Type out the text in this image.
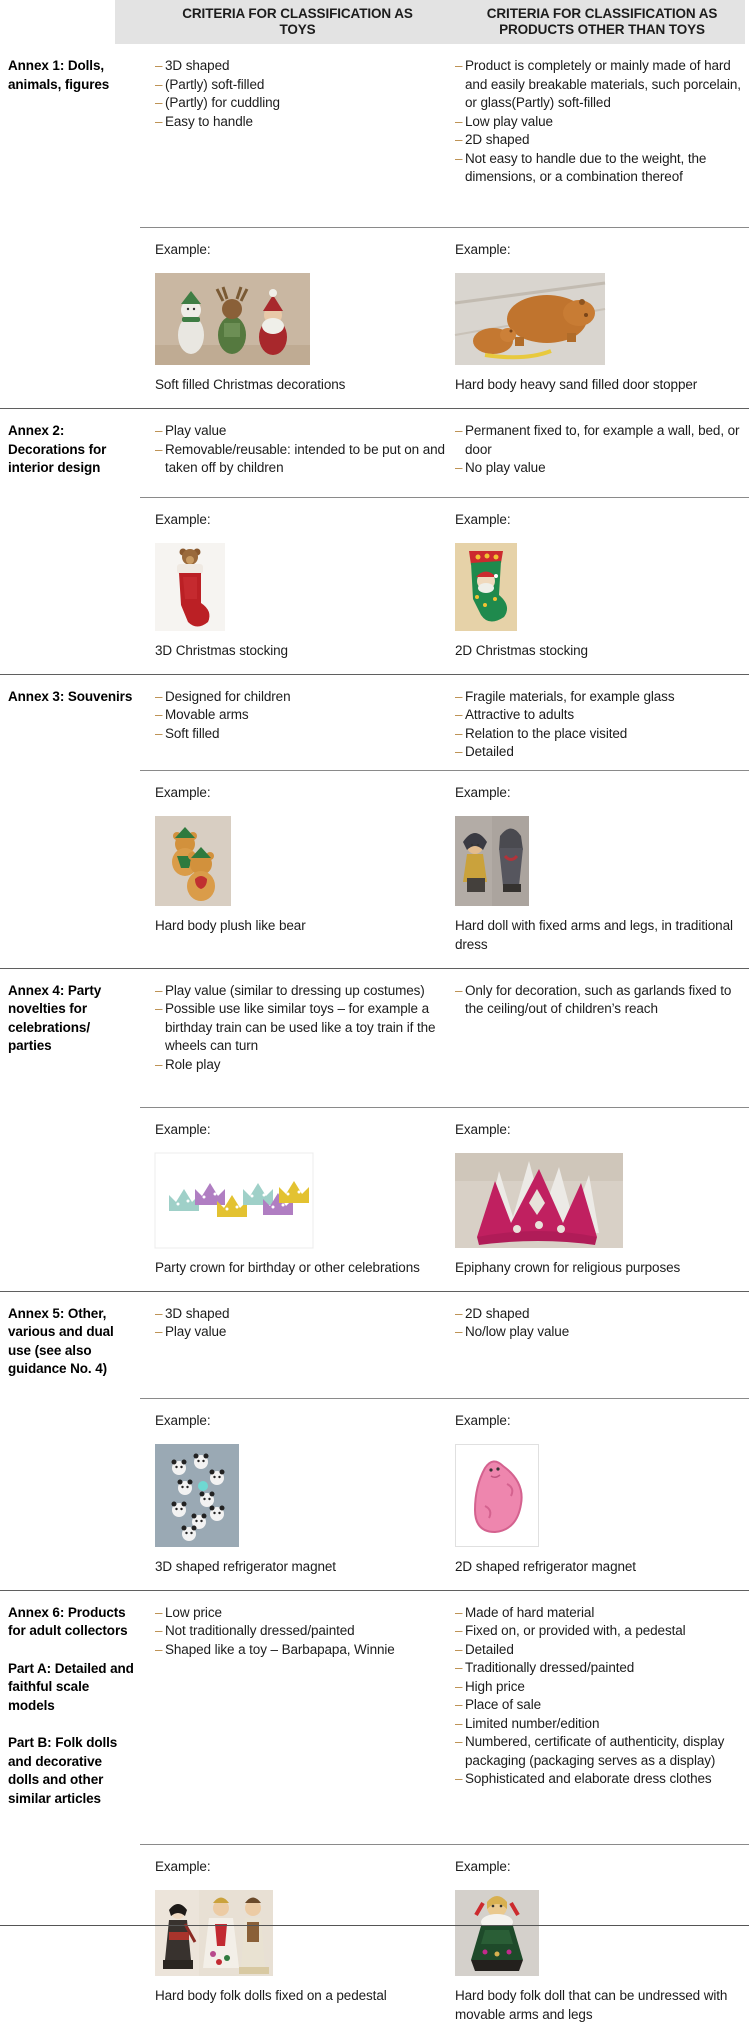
CRITERIA FOR CLASSIFICATION AS TOYS
CRITERIA FOR CLASSIFICATION AS PRODUCTS OTHER THAN TOYS

Annex 1: Dolls, animals, figures

– 3D shaped
– (Partly) soft-filled
– (Partly) for cuddling
– Easy to handle
– Product is completely or mainly made of hard and easily breakable materials, such porcelain, or glass(Partly) soft-filled
– Low play value
– 2D shaped
– Not easy to handle due to the weight, the dimensions, or a combination thereof
Example:
Soft filled Christmas decorations
Example:
Hard body heavy sand filled door stopper

Annex 2: Decorations for interior design

– Play value
– Removable/reusable: intended to be put on and taken off by children
– Permanent fixed to, for example a wall, bed, or door
– No play value
Example:
3D Christmas stocking
Example:
2D Christmas stocking

Annex 3: Souvenirs – Designed for children
– Movable arms
– Soft filled
– Fragile materials, for example glass
– Attractive to adults
– Relation to the place visited
– Detailed
Example:
Hard body plush like bear
Example:
Hard doll with fixed arms and legs, in traditional dress

Annex 4: Party novelties for celebrations/ parties

– Play value (similar to dressing up costumes)
– Possible use like similar toys – for example a birthday train can be used like a toy train if the wheels can turn
– Role play
– Only for decoration, such as garlands fixed to the ceiling/out of children’s reach
Example:
Party crown for birthday or other celebrations
Example:
Epiphany crown for religious purposes

Annex 5: Other, various and dual use (see also guidance No. 4)

– 3D shaped
– Play value
– 2D shaped
– No/low play value
Example:
3D shaped refrigerator magnet
Example:
2D shaped refrigerator magnet

Annex 6: Products for adult collectors

Part A: Detailed and faithful scale models

Part B: Folk dolls and decorative dolls and other similar articles

– Low price
– Not traditionally dressed/painted
– Shaped like a toy – Barbapapa, Winnie
– Made of hard material
– Fixed on, or provided with, a pedestal
– Detailed
– Traditionally dressed/painted
– High price
– Place of sale
– Limited number/edition
– Numbered, certificate of authenticity, display packaging (packaging serves as a display)
– Sophisticated and elaborate dress clothes
Example:
Hard body folk dolls fixed on a pedestal
Example:
Hard body folk doll that can be undressed with movable arms and legs
